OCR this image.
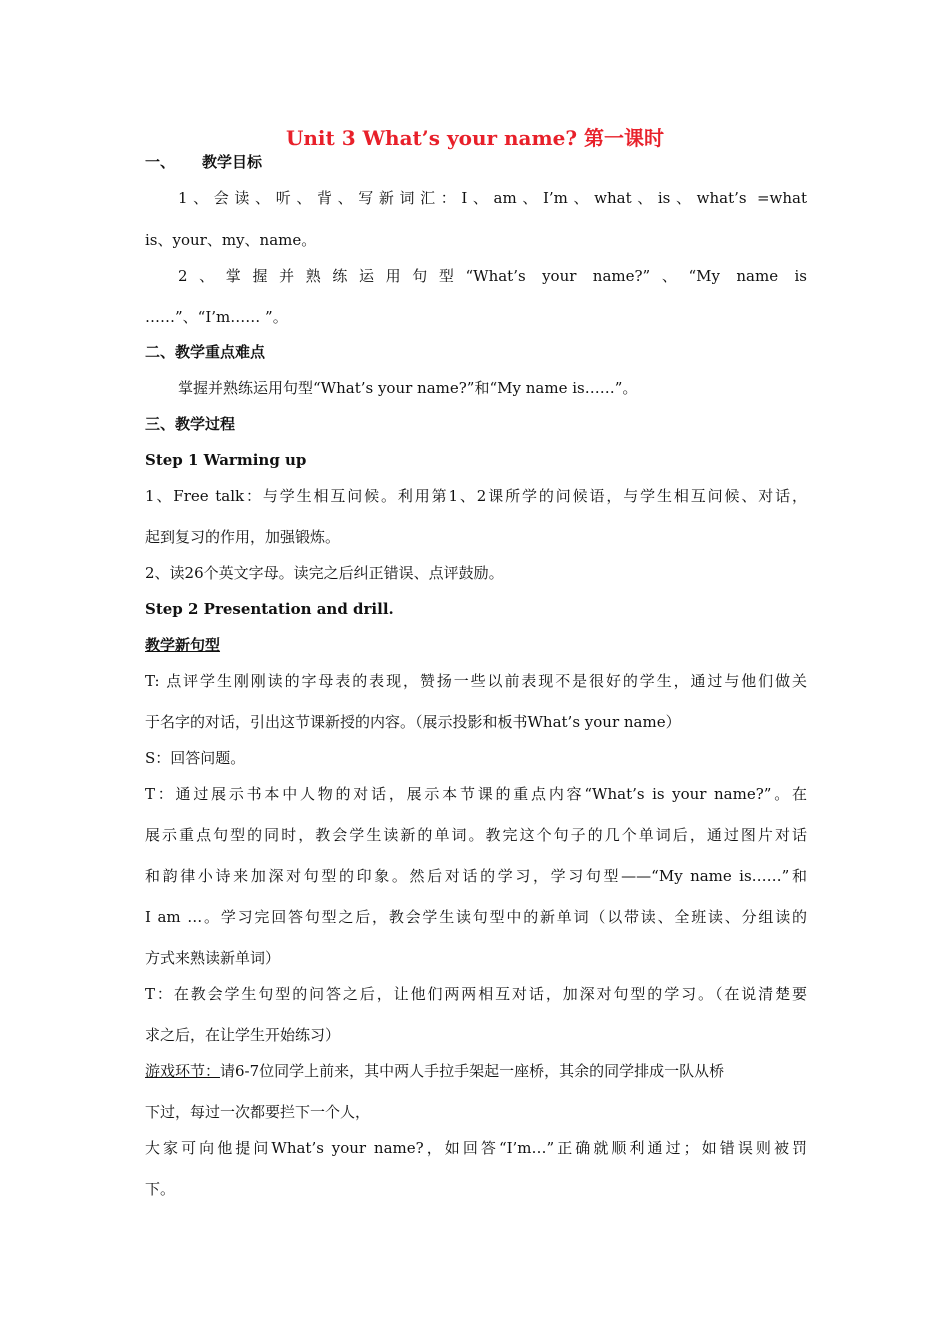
Unit 3 What’s your name? 第一课时
一、 教学目标
1、会读、听、背、写新词汇：I、am、I’m、what、is、what’s =what
is、your、my、name。
2、掌握并熟练运用句型“What’s your name?”、“My name is
……”、“I’m…… ”。
二、教学重点难点
掌握并熟练运用句型“What’s your name?”和“My name is……”。
三、教学过程
Step 1 Warming up
1、Free talk：与学生相互问候。利用第1、2课所学的问候语，与学生相互问候、对话，
起到复习的作用，加强锻炼。
2、读26个英文字母。读完之后纠正错误、点评鼓励。
Step 2 Presentation and drill.
教学新句型
T: 点评学生刚刚读的字母表的表现，赞扬一些以前表现不是很好的学生，通过与他们做关
于名字的对话，引出这节课新授的内容。（展示投影和板书What’s your name）
S：回答问题。
T：通过展示书本中人物的对话，展示本节课的重点内容“What’s is your name?”。在
展示重点句型的同时，教会学生读新的单词。教完这个句子的几个单词后，通过图片对话
和韵律小诗来加深对句型的印象。然后对话的学习，学习句型——“My name is……”和
I am …。学习完回答句型之后，教会学生读句型中的新单词（以带读、全班读、分组读的
方式来熟读新单词）
T：在教会学生句型的问答之后，让他们两两相互对话，加深对句型的学习。（在说清楚要
求之后，在让学生开始练习）
游戏环节：请6-7位同学上前来，其中两人手拉手架起一座桥，其余的同学排成一队从桥
下过，每过一次都要拦下一个人，
大家可向他提问What’s your name?，如回答“I’m…”正确就顺利通过；如错误则被罚
下。
